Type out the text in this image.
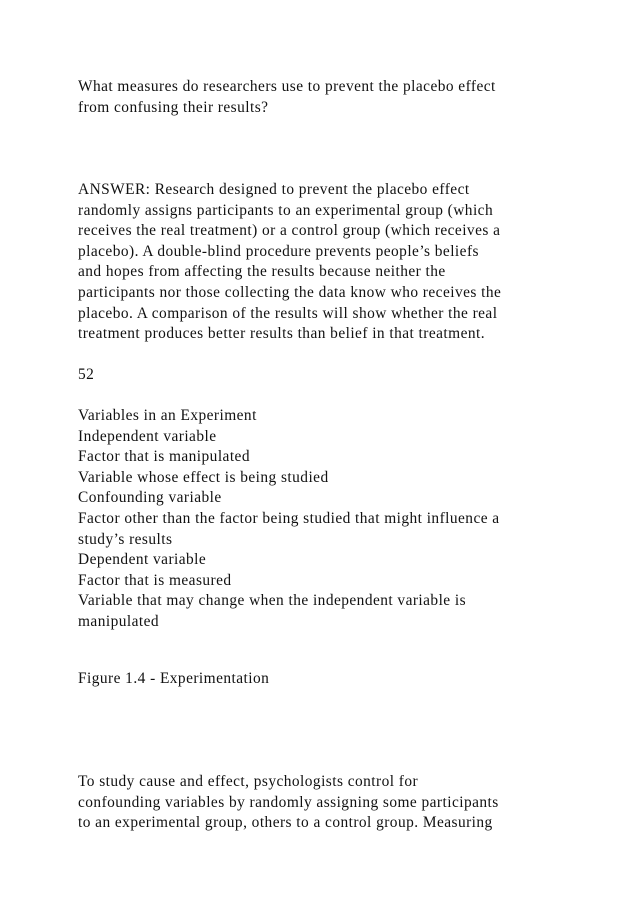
What measures do researchers use to prevent the placebo effect
from confusing their results?
ANSWER: Research designed to prevent the placebo effect
randomly assigns participants to an experimental group (which
receives the real treatment) or a control group (which receives a
placebo). A double-blind procedure prevents people’s beliefs
and hopes from affecting the results because neither the
participants nor those collecting the data know who receives the
placebo. A comparison of the results will show whether the real
treatment produces better results than belief in that treatment.
52
Variables in an Experiment
Independent variable
Factor that is manipulated
Variable whose effect is being studied
Confounding variable
Factor other than the factor being studied that might influence a
study’s results
Dependent variable
Factor that is measured
Variable that may change when the independent variable is
manipulated
Figure 1.4 - Experimentation
To study cause and effect, psychologists control for
confounding variables by randomly assigning some participants
to an experimental group, others to a control group. Measuring
